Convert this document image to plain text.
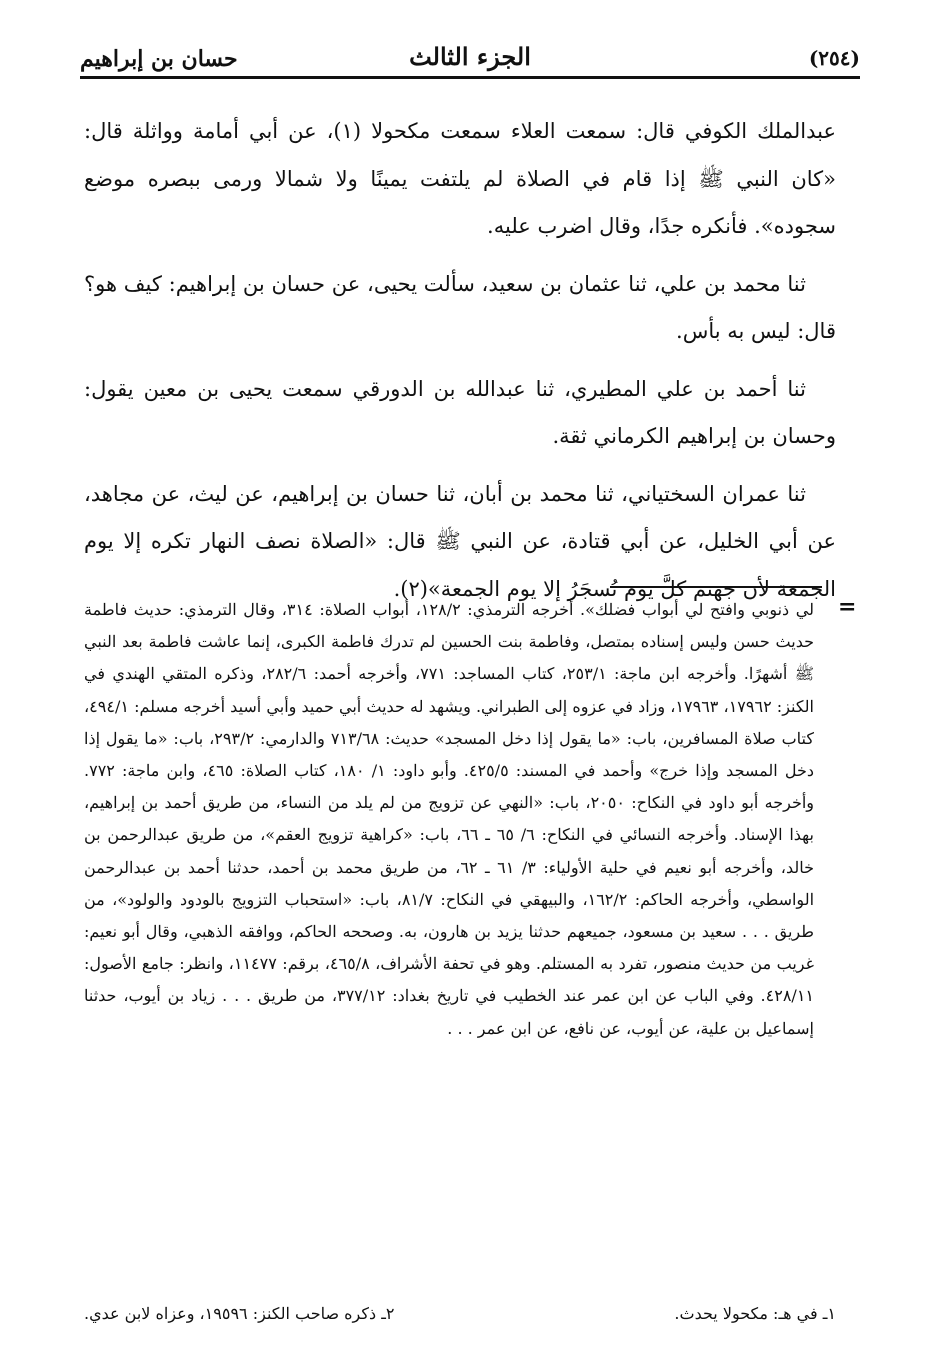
(٢٥٤)
الجزء الثالث
حسان بن إبراهيم

عبدالملك الكوفي قال: سمعت العلاء سمعت مكحولا (١)، عن أبي أمامة وواثلة قال: «كان النبي ﷺ إذا قام في الصلاة لم يلتفت يمينًا ولا شمالا ورمى ببصره موضع سجوده». فأنكره جدًا، وقال اضرب عليه.

ثنا محمد بن علي، ثنا عثمان بن سعيد، سألت يحيى، عن حسان بن إبراهيم: كيف هو؟ قال: ليس به بأس.

ثنا أحمد بن علي المطيري، ثنا عبدالله بن الدورقي سمعت يحيى بن معين يقول: وحسان بن إبراهيم الكرماني ثقة.

ثنا عمران السختياني، ثنا محمد بن أبان، ثنا حسان بن إبراهيم، عن ليث، عن مجاهد، عن أبي الخليل، عن أبي قتادة، عن النبي ﷺ قال: «الصلاة نصف النهار تكره إلا يوم الجمعة لأن جهنم كلَّ يوم تُسجَرُ إلا يوم الجمعة»(٢).

=
لي ذنوبي وافتح لي أبواب فضلك». أخرجه الترمذي: ١٢٨/٢، أبواب الصلاة: ٣١٤، وقال الترمذي: حديث فاطمة حديث حسن وليس إسناده بمتصل، وفاطمة بنت الحسين لم تدرك فاطمة الكبرى، إنما عاشت فاطمة بعد النبي ﷺ أشهرًا. وأخرجه ابن ماجة: ٢٥٣/١، كتاب المساجد: ٧٧١، وأخرجه أحمد: ٢٨٢/٦، وذكره المتقي الهندي في الكنز: ١٧٩٦٢، ١٧٩٦٣، وزاد في عزوه إلى الطبراني. ويشهد له حديث أبي حميد وأبي أسيد أخرجه مسلم: ٤٩٤/١، كتاب صلاة المسافرين، باب: «ما يقول إذا دخل المسجد» حديث: ٧١٣/٦٨ والدارمي: ٢٩٣/٢، باب: «ما يقول إذا دخل المسجد وإذا خرج» وأحمد في المسند: ٤٢٥/٥. وأبو داود: ١/ ١٨٠، كتاب الصلاة: ٤٦٥، وابن ماجة: ٧٧٢. وأخرجه أبو داود في النكاح: ٢٠٥٠، باب: «النهي عن تزويج من لم يلد من النساء، من طريق أحمد بن إبراهيم، بهذا الإسناد. وأخرجه النسائي في النكاح: ٦/ ٦٥ ـ ٦٦، باب: «كراهية تزويج العقم»، من طريق عبدالرحمن بن خالد، وأخرجه أبو نعيم في حلية الأولياء: ٣/ ٦١ ـ ٦٢، من طريق محمد بن أحمد، حدثنا أحمد بن عبدالرحمن الواسطي، وأخرجه الحاكم: ١٦٢/٢، والبيهقي في النكاح: ٨١/٧، باب: «استحباب التزويج بالودود والولود»، من طريق . . . سعيد بن مسعود، جميعهم حدثنا يزيد بن هارون، به. وصححه الحاكم، ووافقه الذهبي، وقال أبو نعيم: غريب من حديث منصور، تفرد به المستلم. وهو في تحفة الأشراف، ٤٦٥/٨، برقم: ١١٤٧٧، وانظر: جامع الأصول: ٤٢٨/١١. وفي الباب عن ابن عمر عند الخطيب في تاريخ بغداد: ٣٧٧/١٢، من طريق . . . زياد بن أيوب، حدثنا إسماعيل بن علية، عن أيوب، عن نافع، عن ابن عمر . . .
١ـ في هـ: مكحولا يحدث.
٢ـ ذكره صاحب الكنز: ١٩٥٩٦، وعزاه لابن عدي.
